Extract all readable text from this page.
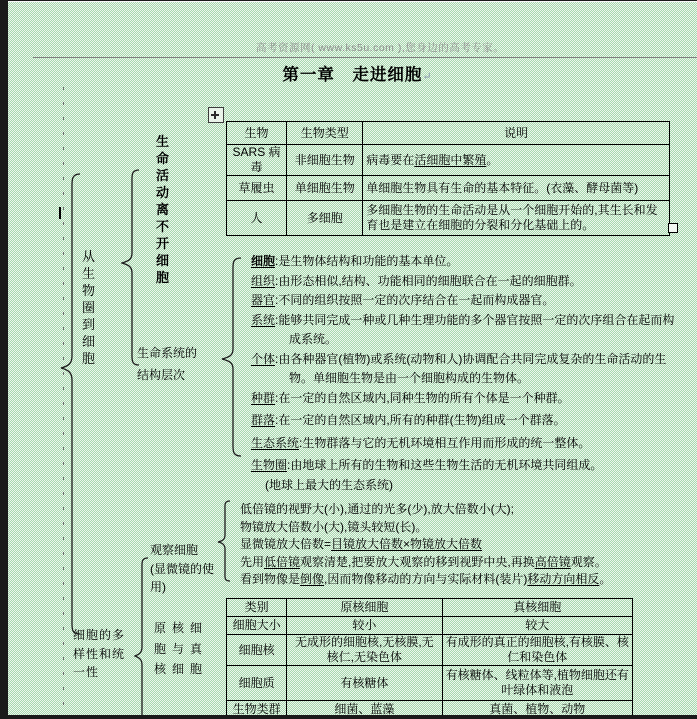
高考资源网( www.ks5u.com ),您身边的高考专家。
第一章　走进细胞↵
生命活动离不开细胞
从生物圈到细胞	生命系统的结构层次
观察细胞
(显微镜的使用)
原核细胞与真核细胞
细胞的多样性和统一性
生物	生物类型	说明
SARS 病毒	非细胞生物	病毒要在活细胞中繁殖。
草履虫	单细胞生物	单细胞生物具有生命的基本特征。(衣藻、酵母菌等)
人	多细胞	多细胞生物的生命活动是从一个细胞开始的,其生长和发育也是建立在细胞的分裂和分化基础上的。

细胞:是生物体结构和功能的基本单位。

组织:由形态相似,结构、功能相同的细胞联合在一起的细胞群。

器官:不同的组织按照一定的次序结合在一起而构成器官。

系统:能够共同完成一种或几种生理功能的多个器官按照一定的次序组合在起而构成系统。

个体:由各种器官(植物)或系统(动物和人)协调配合共同完成复杂的生命活动的生物。单细胞生物是由一个细胞构成的生物体。

种群:在一定的自然区域内,同种生物的所有个体是一个种群。

群落:在一定的自然区域内,所有的种群(生物)组成一个群落。

生态系统:生物群落与它的无机环境相互作用而形成的统一整体。

生物圈:由地球上所有的生物和这些生物生活的无机环境共同组成。
(地球上最大的生态系统)

低倍镜的视野大(小),通过的光多(少),放大倍数小(大);

物镜放大倍数小(大),镜头较短(长)。

显微镜放大倍数=目镜放大倍数×物镜放大倍数

先用低倍镜观察清楚,把要放大观察的移到视野中央,再换高倍镜观察。

看到物像是倒像,因而物像移动的方向与实际材料(装片)移动方向相反。

类别	原核细胞	真核细胞
细胞大小	较小	较大
细胞核	无成形的细胞核,无核膜,无核仁,无染色体	有成形的真正的细胞核,有核膜、核仁和染色体
细胞质	有核糖体	有核糖体、线粒体等,植物细胞还有叶绿体和液泡
生物类群	细菌、蓝藻	真菌、植物、动物
